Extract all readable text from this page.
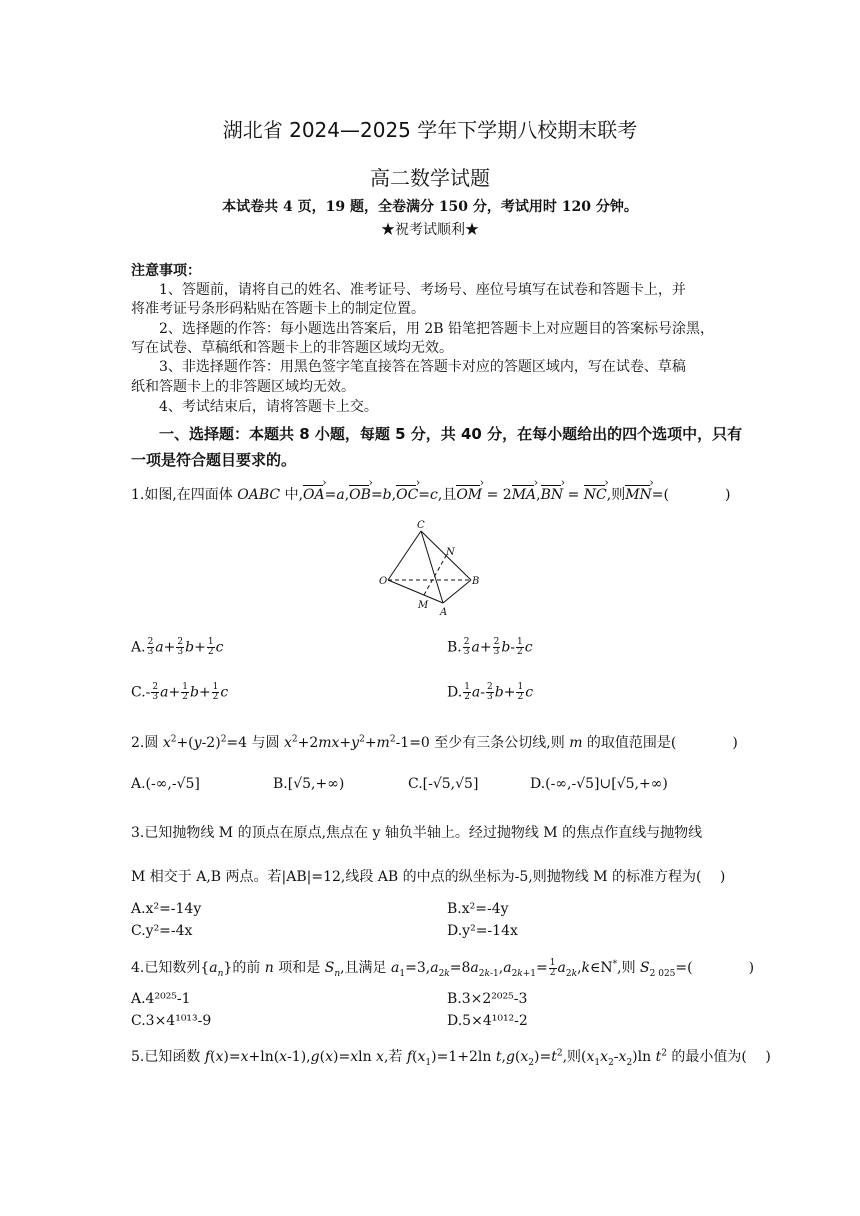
湖北省 2024—2025 学年下学期八校期末联考
高二数学试题
本试卷共 4 页，19 题，全卷满分 150 分，考试用时 120 分钟。
★祝考试顺利★
注意事项：
1、答题前，请将自己的姓名、准考证号、考场号、座位号填写在试卷和答题卡上，并
将准考证号条形码粘贴在答题卡上的制定位置。
2、选择题的作答：每小题选出答案后，用 2B 铅笔把答题卡上对应题目的答案标号涂黑，
写在试卷、草稿纸和答题卡上的非答题区域均无效。
3、非选择题作答：用黑色签字笔直接答在答题卡对应的答题区域内，写在试卷、草稿
纸和答题卡上的非答题区域均无效。
4、考试结束后，请将答题卡上交。
一、选择题：本题共 8 小题，每题 5 分，共 40 分，在每小题给出的四个选项中，只有
一项是符合题目要求的。
1.如图,在四面体 OABC 中,OA ›=a,OB ›=b,OC ›=c,且OM › = 2MA ›,BN › = NC ›,则MN ›=(　　　　)
C
N
O	B
M
A
A. $\frac{2}{3} a+ \frac{2}{3} b+ \frac{1}{2}$ c	B. $\frac{2}{3} a+ \frac{2}{3} b- \frac{1}{2}$ c
$C.- \frac{2}{3} a+ \frac{1}{2} b+ \frac{1}{2}$ c	D. $\frac{1}{2} a- \frac{2}{3} b+ \frac{1}{2}$ c
2.圆 $x^2+(y-2)^2=4$ 与圆 $x^2+2mx+y^2+m^2-1=0$ 至少有三条公切线,则 m 的取值范围是(　　　　)
A.(-∞,-√5]	B.[√5,+∞)	C.[-√5,√5]	D.(-∞,-√5]∪[√5,+∞)
3.已知抛物线 M 的顶点在原点,焦点在 y 轴负半轴上。经过抛物线 M 的焦点作直线与抛物线
M 相交于 A,B 两点。若|AB|=12,线段 AB 的中点的纵坐标为-5,则抛物线 M 的标准方程为(　 )
A.x²=-14y	B.x²=-4y
C.y²=-4x	D.y²=-14x
4.已知数列$\{a_n\}$的前 n 项和是 $S_n$,且满足 $a_1=3,a_{2k}=8a_{2k-1},a_{2k+1}= \frac{1}{2}$ $a_{2k},k\in N^*$,则 $S_{2 025}=$(　　　　)
A.4²⁰²⁵-1	B.3×2²⁰²⁵-3
C.3×4¹⁰¹³-9	D.5×4¹⁰¹²-2
5.已知函数 f(x)=x+ln(x-1),g(x)=xln x,若 $f(x_1)=1+2\ln$ $t,g(x_2)=t^2$,则$(x_1x_2-x_2)\ln$ $t^2$ 的最小值为(　 )
